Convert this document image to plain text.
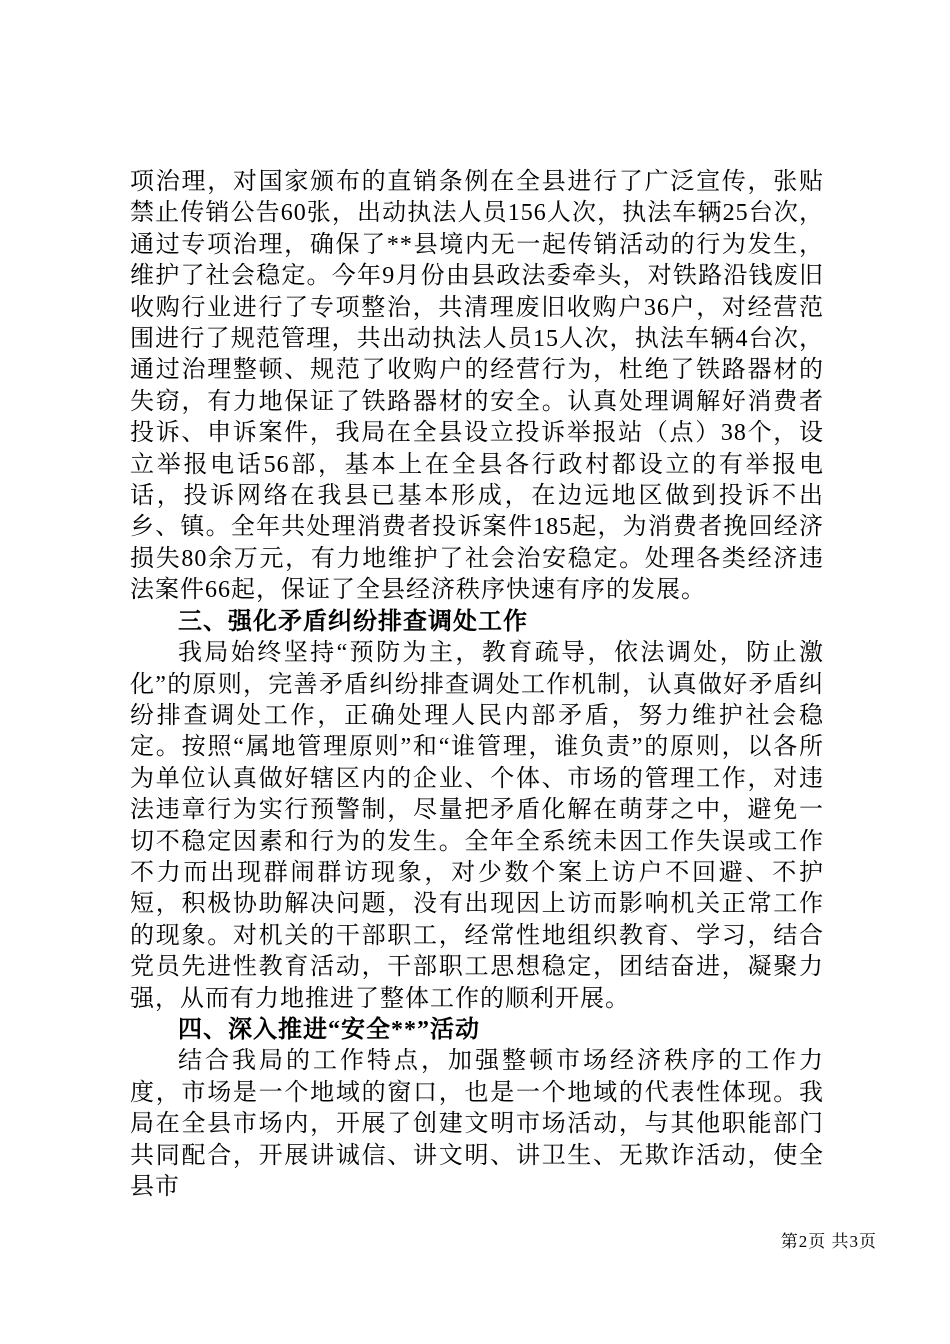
项治理，对国家颁布的直销条例在全县进行了广泛宣传，张贴禁止传销公告60张，出动执法人员156人次，执法车辆25台次，通过专项治理，确保了**县境内无一起传销活动的行为发生，维护了社会稳定。今年9月份由县政法委牵头，对铁路沿钱废旧收购行业进行了专项整治，共清理废旧收购户36户，对经营范围进行了规范管理，共出动执法人员15人次，执法车辆4台次，通过治理整顿、规范了收购户的经营行为，杜绝了铁路器材的失窃，有力地保证了铁路器材的安全。认真处理调解好消费者投诉、申诉案件，我局在全县设立投诉举报站（点）38个，设立举报电话56部，基本上在全县各行政村都设立的有举报电话，投诉网络在我县已基本形成，在边远地区做到投诉不出乡、镇。全年共处理消费者投诉案件185起，为消费者挽回经济损失80余万元，有力地维护了社会治安稳定。处理各类经济违法案件66起，保证了全县经济秩序快速有序的发展。

三、强化矛盾纠纷排查调处工作

我局始终坚持“预防为主，教育疏导，依法调处，防止激化”的原则，完善矛盾纠纷排查调处工作机制，认真做好矛盾纠纷排查调处工作，正确处理人民内部矛盾，努力维护社会稳定。按照“属地管理原则”和“谁管理，谁负责”的原则，以各所为单位认真做好辖区内的企业、个体、市场的管理工作，对违法违章行为实行预警制，尽量把矛盾化解在萌芽之中，避免一切不稳定因素和行为的发生。全年全系统未因工作失误或工作不力而出现群闹群访现象，对少数个案上访户不回避、不护短，积极协助解决问题，没有出现因上访而影响机关正常工作的现象。对机关的干部职工，经常性地组织教育、学习，结合党员先进性教育活动，干部职工思想稳定，团结奋进，凝聚力强，从而有力地推进了整体工作的顺利开展。

四、深入推进“安全**”活动

结合我局的工作特点，加强整顿市场经济秩序的工作力度，市场是一个地域的窗口，也是一个地域的代表性体现。我局在全县市场内，开展了创建文明市场活动，与其他职能部门共同配合，开展讲诚信、讲文明、讲卫生、无欺诈活动，使全县市

第2页 共3页
